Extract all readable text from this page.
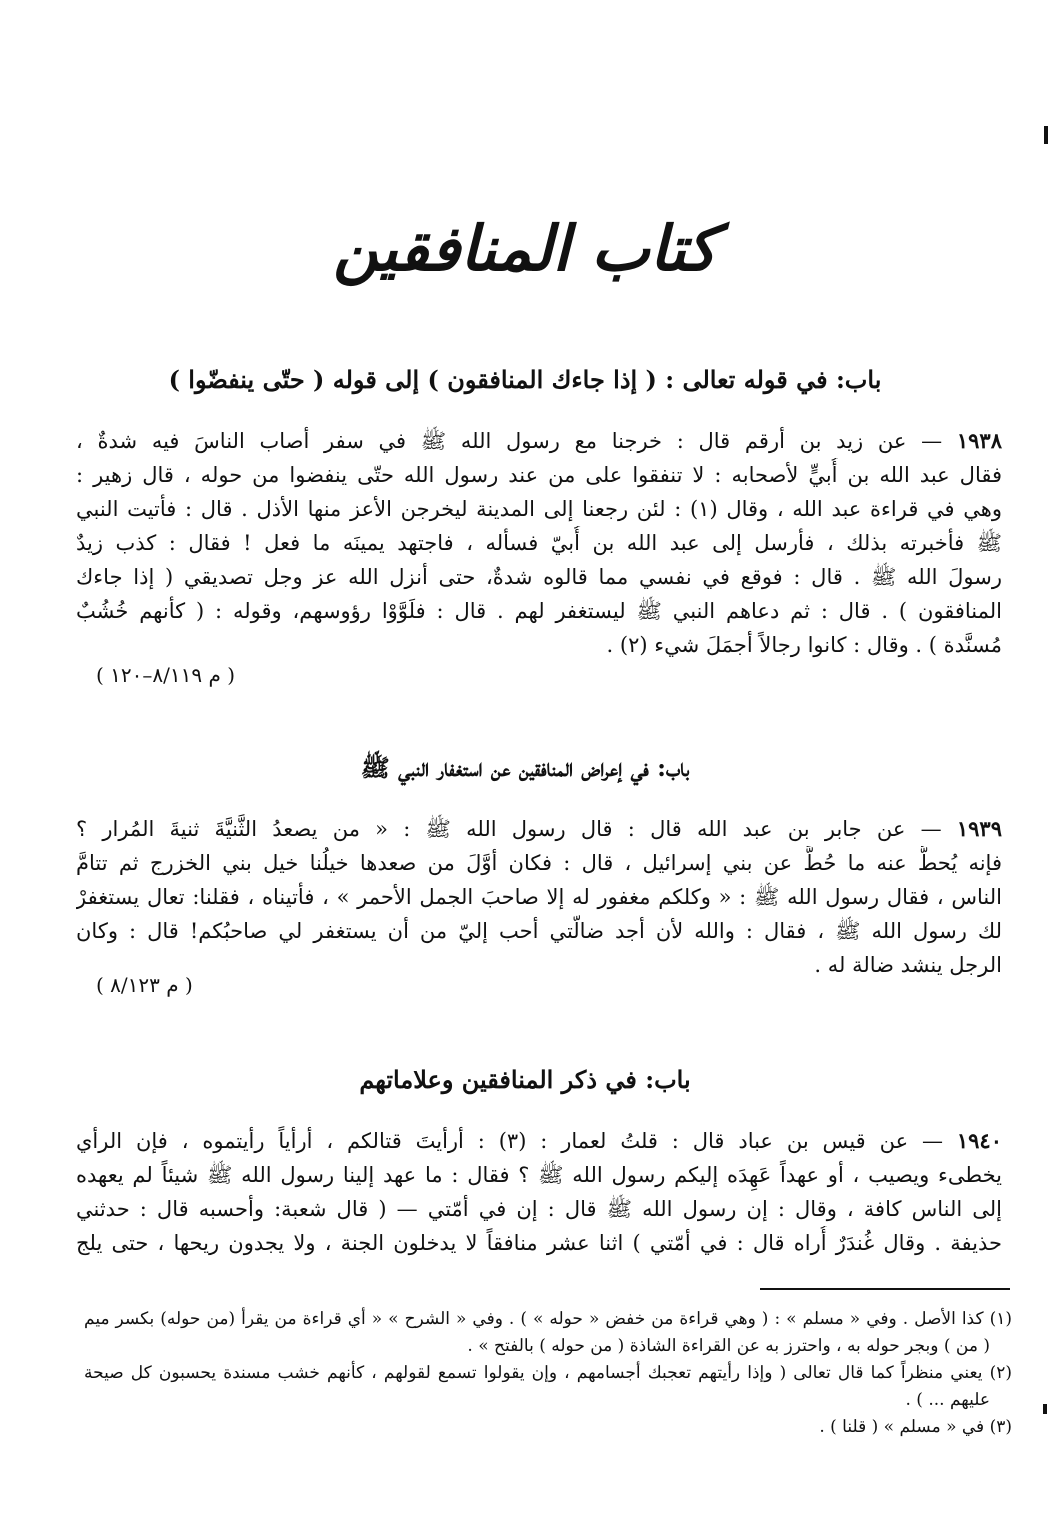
كتاب المنافقين
باب: في قوله تعالى : ( إذا جاءك المنافقون ) إلى قوله ( حتّى ينفضّوا )
١٩٣٨ — عن زيد بن أرقم قال : خرجنا مع رسول الله ﷺ في سفر أصاب الناسَ فيه شدةٌ ،
فقال عبد الله بن أُبيٍّ لأصحابه : لا تنفقوا على من عند رسول الله حتّى ينفضوا من حوله ، قال زهير :
وهي في قراءة عبد الله ، وقال (١) : لئن رجعنا إلى المدينة ليخرجن الأعز منها الأذل . قال : فأتيت النبي
ﷺ فأخبرته بذلك ، فأرسل إلى عبد الله بن أُبيّ فسأله ، فاجتهد يمينَه ما فعل ! فقال : كذب زيدٌ
رسولَ الله ﷺ . قال : فوقع في نفسي مما قالوه شدةٌ، حتى أنزل الله عز وجل تصديقي ( إذا جاءك
المنافقون ) . قال : ثم دعاهم النبي ﷺ ليستغفر لهم . قال : فلَوَّوْا رؤوسهم، وقوله : ( كأنهم خُشُبٌ
مُسنَّدة ) . وقال : كانوا رجالاً أجمَلَ شيء (٢) .
( م ٨/١١٩–١٢٠ )
باب: في إعراض المنافقين عن استغفار النبي ﷺ
١٩٣٩ — عن جابر بن عبد الله قال : قال رسول الله ﷺ : « من يصعدُ الثَّنيَّةَ ثنيةَ المُرار ؟
فإنه يُحطُّ عنه ما حُطَّ عن بني إسرائيل ، قال : فكان أوَّلَ من صعدها خيلُنا خيل بني الخزرج ثم تتامَّ
الناس ، فقال رسول الله ﷺ : « وكلكم مغفور له إلا صاحبَ الجمل الأحمر » ، فأتيناه ، فقلنا: تعال يستغفرْ
لك رسول الله ﷺ ، فقال : والله لأن أجد ضالّتي أحب إليّ من أن يستغفر لي صاحبُكم! قال : وكان
الرجل ينشد ضالة له .
( م ٨/١٢٣ )
باب: في ذكر المنافقين وعلاماتهم
١٩٤٠ — عن قيس بن عباد قال : قلتُ لعمار : (٣) : أرأيتَ قتالكم ، أرأياً رأيتموه ، فإن الرأي
يخطىء ويصيب ، أو عهداً عَهِدَه إليكم رسول الله ﷺ ؟ فقال : ما عهد إلينا رسول الله ﷺ شيئاً لم يعهده
إلى الناس كافة ، وقال : إن رسول الله ﷺ قال : إن في أمّتي — ( قال شعبة: وأحسبه قال : حدثني
حذيفة . وقال غُندَرٌ أُراه قال : في أمّتي ) اثنا عشر منافقاً لا يدخلون الجنة ، ولا يجدون ريحها ، حتى يلج
(١) كذا الأصل . وفي « مسلم » : ( وهي قراءة من خفض « حوله » ) . وفي « الشرح » « أي قراءة من يقرأ (من حوله) بكسر ميم
( من ) وبجر حوله به ، واحترز به عن القراءة الشاذة ( من حوله ) بالفتح » .
(٢) يعني منظراً كما قال تعالى ( وإذا رأيتهم تعجبك أجسامهم ، وإن يقولوا تسمع لقولهم ، كأنهم خشب مسندة يحسبون كل صيحة
عليهم ... ) .
(٣) في « مسلم » ( قلنا ) .
